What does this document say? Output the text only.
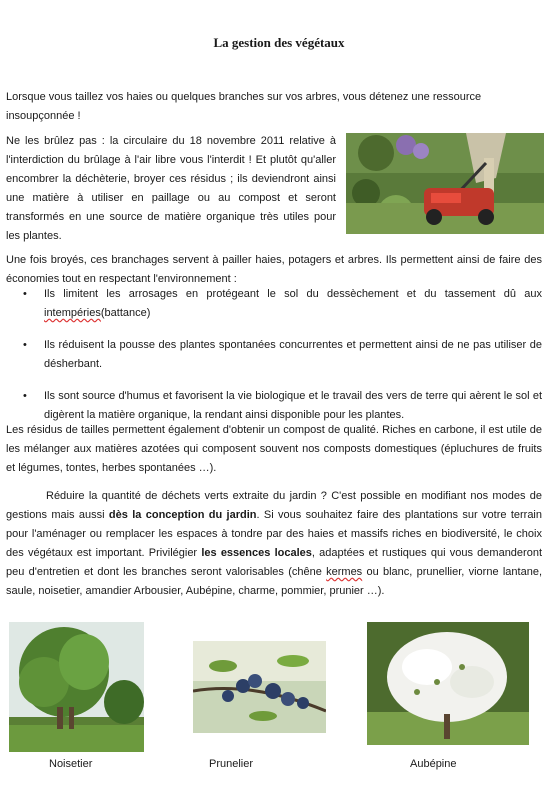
La gestion des végétaux

Lorsque vous taillez vos haies ou quelques branches sur vos arbres, vous détenez une ressource insoupçonnée !

Ne les brûlez pas : la circulaire du 18 novembre 2011 relative à l'interdiction du brûlage à l'air libre vous l'interdit ! Et plutôt qu'aller encombrer la déchèterie, broyer ces résidus ; ils deviendront ainsi une matière à utiliser en paillage ou au compost et seront transformés en une source de matière organique très utiles pour les plantes.

Une fois broyés, ces branchages servent à pailler haies, potagers et arbres. Ils permettent ainsi de faire des économies tout en respectant l'environnement :

• Ils limitent les arrosages en protégeant le sol du dessèchement et du tassement dû aux intempéries(battance)
• Ils réduisent la pousse des plantes spontanées concurrentes et permettent ainsi de ne pas utiliser de désherbant.
• Ils sont source d'humus et favorisent la vie biologique et le travail des vers de terre qui aèrent le sol et digèrent la matière organique, la rendant ainsi disponible pour les plantes.

Les résidus de tailles permettent également d'obtenir un compost de qualité. Riches en carbone, il est utile de les mélanger aux matières azotées qui composent souvent nos composts domestiques (épluchures de fruits et légumes, tontes, herbes spontanées …).

Réduire la quantité de déchets verts extraite du jardin ? C'est possible en modifiant nos modes de gestions mais aussi dès la conception du jardin. Si vous souhaitez faire des plantations sur votre terrain pour l'aménager ou remplacer les espaces à tondre par des haies et massifs riches en biodiversité, le choix des végétaux est important. Privilégier les essences locales, adaptées et rustiques qui vous demanderont peu d'entretien et dont les branches seront valorisables (chêne kermes ou blanc, prunellier, viorne lantane, saule, noisetier, amandier Arbousier, Aubépine, charme, pommier, prunier …).

Noisetier	Prunelier	Aubépine
